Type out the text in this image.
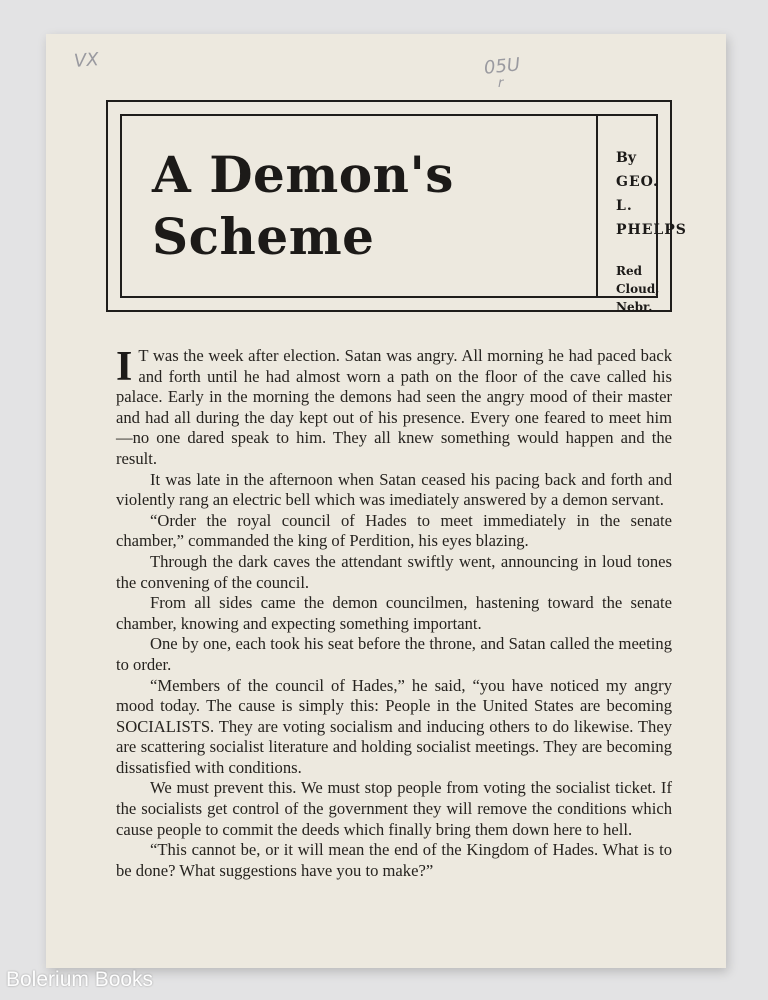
VX	05U
r
A Demon's
Scheme
By
GEO.
L.
PHELPS
Red Cloud,
Nebr.

I T was the week after election. Satan was angry. All morning he had paced back and forth until he had almost worn a path on the floor of the cave called his palace. Early in the morning the demons had seen the angry mood of their master and had all during the day kept out of his presence. Every one feared to meet him—no one dared speak to him. They all knew something would happen and the result.

It was late in the afternoon when Satan ceased his pacing back and forth and violently rang an electric bell which was imediately answered by a demon servant.

“Order the royal council of Hades to meet immediately in the senate chamber,” commanded the king of Perdition, his eyes blazing.

Through the dark caves the attendant swiftly went, announcing in loud tones the convening of the council.

From all sides came the demon councilmen, hastening toward the senate chamber, knowing and expecting something important.

One by one, each took his seat before the throne, and Satan called the meeting to order.

“Members of the council of Hades,” he said, “you have noticed my angry mood today. The cause is simply this: People in the United States are becoming SOCIALISTS. They are voting socialism and inducing others to do likewise. They are scattering socialist literature and holding socialist meetings. They are becoming dissatisfied with conditions.

We must prevent this. We must stop people from voting the socialist ticket. If the socialists get control of the government they will remove the conditions which cause people to commit the deeds which finally bring them down here to hell.

“This cannot be, or it will mean the end of the Kingdom of Hades. What is to be done? What suggestions have you to make?”

Bolerium Books
